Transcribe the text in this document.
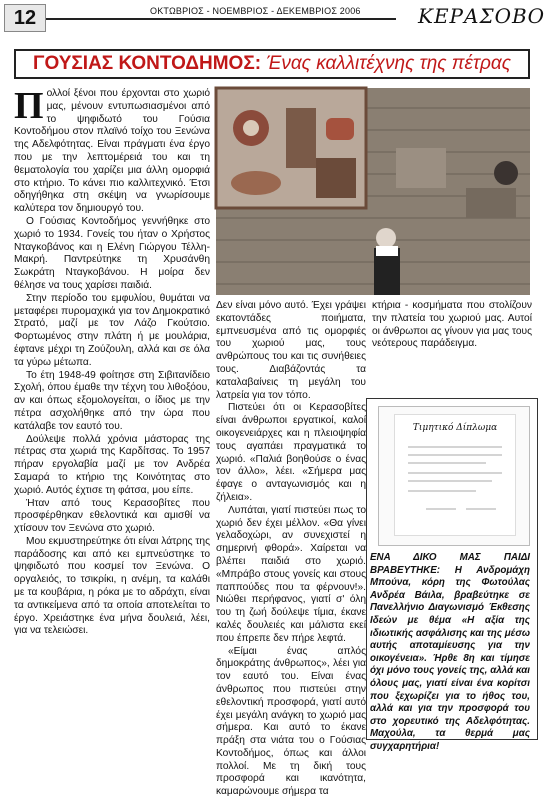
12	ΟΚΤΩΒΡΙΟΣ - ΝΟΕΜΒΡΙΟΣ - ΔΕΚΕΜΒΡΙΟΣ 2006	ΚΕΡΑΣΟΒΟ
ΓΟΥΣΙΑΣ ΚΟΝΤΟΔΗΜΟΣ: Ένας καλλιτέχνης της πέτρας

Πολλοί ξένοι που έρχονται στο χωριό μας, μένουν εντυπωσιασμένοι από το ψηφιδωτό του Γούσια Κοντοδήμου στον πλαϊνό τοίχο του Ξενώνα της Αδελφότητας. Είναι πράγματι ένα έργο που με την λεπτομέρειά του και τη θεματολογία του χαρίζει μια άλλη ομορφιά στο κτήριο. Το κάνει πιο καλλιτεχνικό. Έτσι οδηγήθηκα στη σκέψη να γνωρίσουμε καλύτερα τον δημιουργό του.

Ο Γούσιας Κοντοδήμος γεννήθηκε στο χωριό το 1934. Γονείς του ήταν ο Χρήστος Νταγκοβάνος και η Ελένη Γιώργου Τέλλη-Μακρή. Παντρεύτηκε τη Χρυσάνθη Σωκράτη Νταγκοβάνου. Η μοίρα δεν θέλησε να τους χαρίσει παιδιά.

Στην περίοδο του εμφυλίου, θυμάται να μεταφέρει πυρομαχικά για τον Δημοκρατικό Στρατό, μαζί με τον Λάζο Γκούτσιο. Φορτωμένος στην πλάτη ή με μουλάρια, έφτανε μέχρι τη Ζούζουλη, αλλά και σε όλα τα γύρω μέτωπα.

Το έτη 1948-49 φοίτησε στη Σιβιτανίδειο Σχολή, όπου έμαθε την τέχνη του λιθοξόου, αν και όπως εξομολογείται, ο ίδιος με την πέτρα ασχολήθηκε από την ώρα που κατάλαβε τον εαυτό του.

Δούλεψε πολλά χρόνια μάστορας της πέτρας στα χωριά της Καρδίτσας. Το 1957 πήραν εργολαβία μαζί με τον Ανδρέα Σαμαρά το κτήριο της Κοινότητας στο χωριό. Αυτός έχτισε τη φάτσα, μου είπε.

Ήταν από τους Κερασοβίτες που προσφέρθηκαν εθελοντικά και αμισθί να χτίσουν τον Ξενώνα στο χωριό.

Μου εκμυστηρεύτηκε ότι είναι λάτρης της παράδοσης και από κει εμπνεύστηκε το ψηφιδωτό που κοσμεί τον Ξενώνα. Ο οργαλειός, το τσικρίκι, η ανέμη, τα καλάθι με τα κουβάρια, η ρόκα με το αδράχτι, είναι τα αντικείμενα από τα οποία αποτελείται το έργο. Χρειάστηκε ένα μήνα δουλειά, λέει, για να τελειώσει.

Δεν είναι μόνο αυτό. Έχει γράψει εκατοντάδες ποιήματα, εμπνευσμένα από τις ομορφιές του χωριού μας, τους ανθρώπους του και τις συνήθειες τους. Διαβάζοντάς τα καταλαβαίνεις τη μεγάλη του λατρεία για τον τόπο.

Πιστεύει ότι οι Κερασοβίτες είναι άνθρωποι εργατικοί, καλοί οικογενειάρχες και η πλειοψηφία τους αγαπάει πραγματικά το χωριό. «Παλιά βοηθούσε ο ένας τον άλλο», λέει. «Σήμερα μας έφαγε ο ανταγωνισμός και η ζήλεια».

Λυπάται, γιατί πιστεύει πως το χωριό δεν έχει μέλλον. «Θα γίνει γελαδοχώρι, αν συνεχιστεί η σημερινή φθορά». Χαίρεται να βλέπει παιδιά στο χωριό. «Μπράβο στους γονείς και στους παππούδες που τα φέρνουν!». Νιώθει περήφανος, γιατί σ' όλη του τη ζωή δούλεψε τίμια, έκανε καλές δουλειές και μάλιστα εκεί που έπρεπε δεν πήρε λεφτά.

«Είμαι ένας απλός δημοκράτης άνθρωπος», λέει για τον εαυτό του. Είναι ένας άνθρωπος που πιστεύει στην εθελοντική προσφορά, γιατί αυτό έχει μεγάλη ανάγκη το χωριό μας σήμερα. Και αυτό το έκανε πράξη στα νιάτα του ο Γούσιας Κοντοδήμος, όπως και άλλοι πολλοί. Με τη δική τους προσφορά και ικανότητα, καμαρώνουμε σήμερα τα

κτήρια - κοσμήματα που στολίζουν την πλατεία του χωριού μας. Αυτοί οι άνθρωποι ας γίνουν για μας τους νεότερους παράδειγμα.

Τιμητικό Δίπλωμα
ΕΝΑ ΔΙΚΟ ΜΑΣ ΠΑΙΔΙ ΒΡΑΒΕΥΤΗΚΕ: Η Ανδρομάχη Μπούνα, κόρη της Φωτούλας Ανδρέα Βάιλα, βραβεύτηκε σε Πανελλήνιο Διαγωνισμό Έκθεσης Ιδεών με θέμα «Η αξία της ιδιωτικής ασφάλισης και της μέσω αυτής αποταμίευσης για την οικογένεια». Ήρθε 8η και τίμησε όχι μόνο τους γονείς της, αλλά και όλους μας, γιατί είναι ένα κορίτσι που ξεχωρίζει για το ήθος του, αλλά και για την προσφορά του στο χορευτικό της Αδελφότητας. Μαχούλα, τα θερμά μας συγχαρητήρια!
